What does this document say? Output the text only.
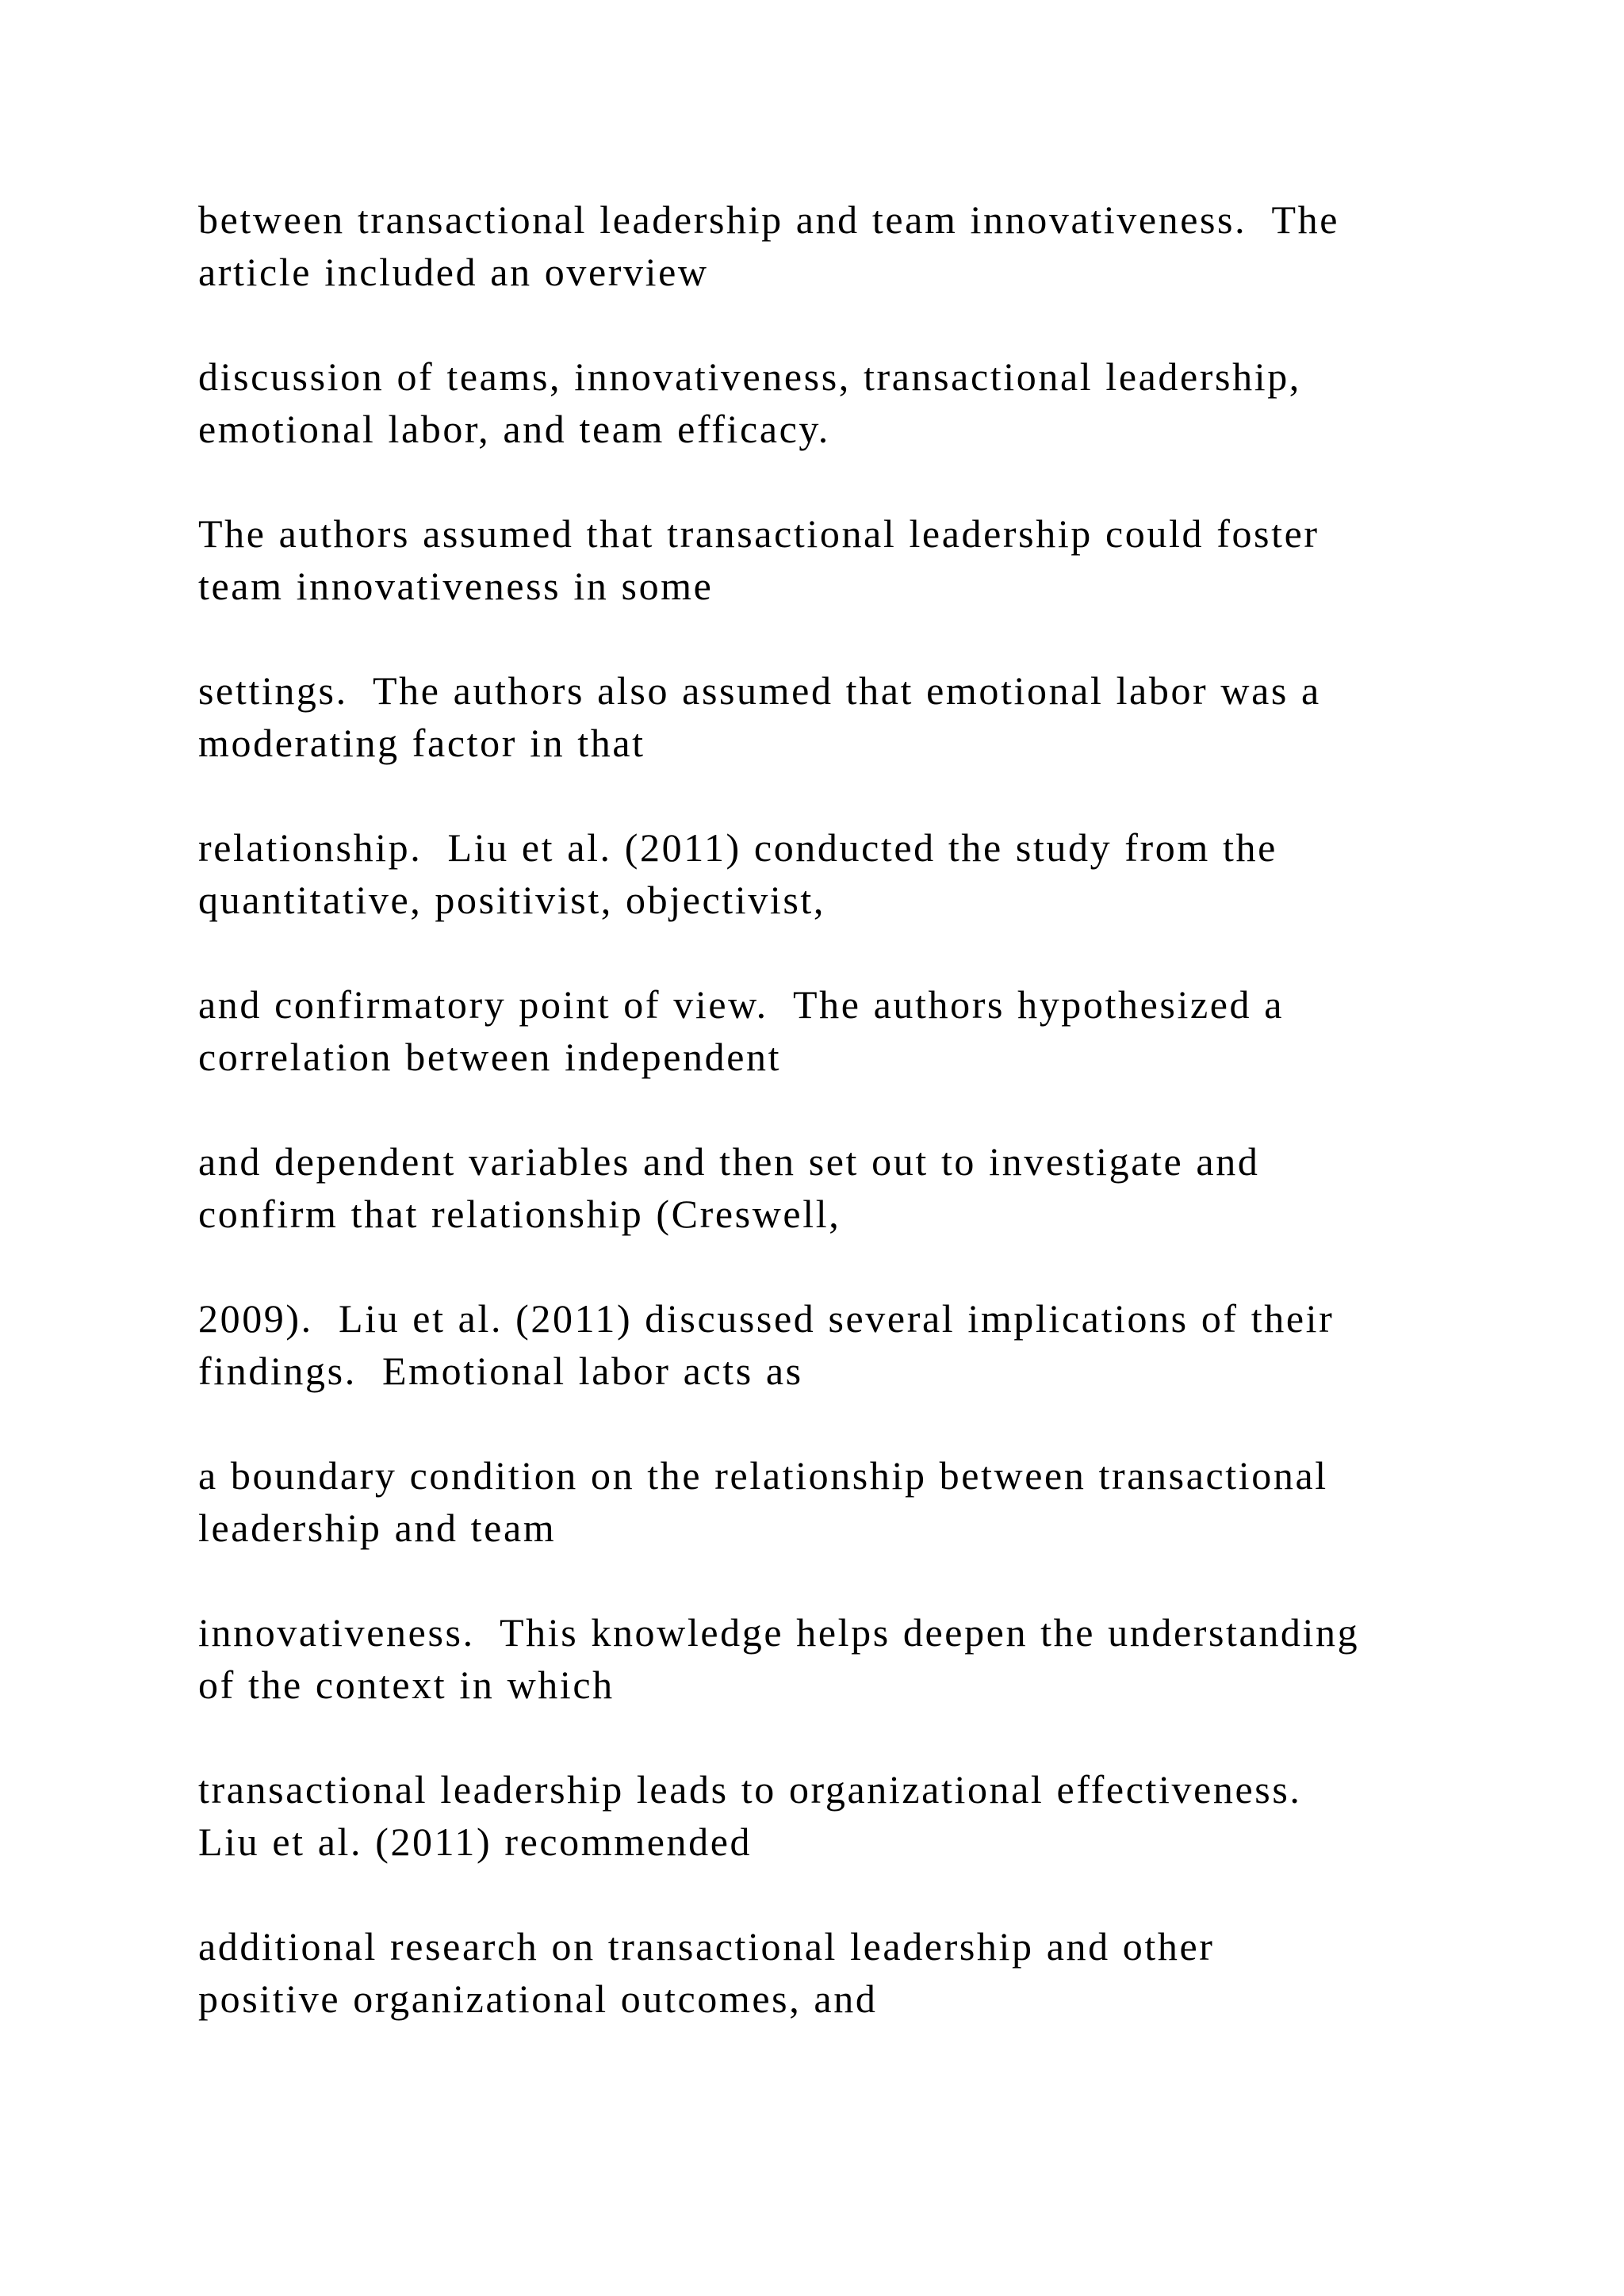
between transactional leadership and team innovativeness.  The
article included an overview

discussion of teams, innovativeness, transactional leadership,
emotional labor, and team efficacy.

The authors assumed that transactional leadership could foster
team innovativeness in some

settings.  The authors also assumed that emotional labor was a
moderating factor in that

relationship.  Liu et al. (2011) conducted the study from the
quantitative, positivist, objectivist,

and confirmatory point of view.  The authors hypothesized a
correlation between independent

and dependent variables and then set out to investigate and
confirm that relationship (Creswell,

2009).  Liu et al. (2011) discussed several implications of their
findings.  Emotional labor acts as

a boundary condition on the relationship between transactional
leadership and team

innovativeness.  This knowledge helps deepen the understanding
of the context in which

transactional leadership leads to organizational effectiveness.
Liu et al. (2011) recommended

additional research on transactional leadership and other
positive organizational outcomes, and
